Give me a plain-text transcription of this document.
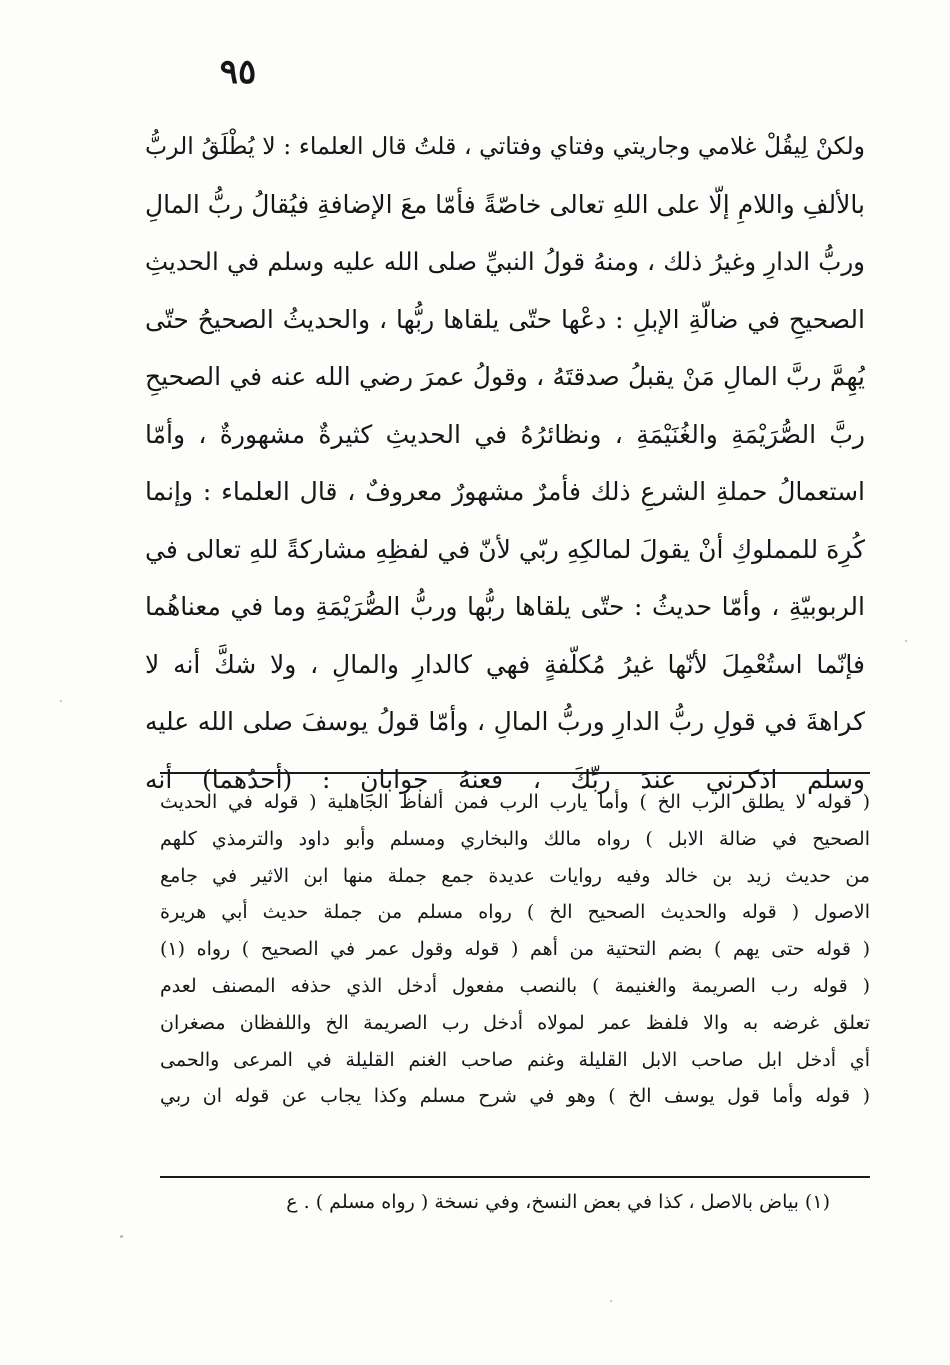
٩٥
ولكنْ لِيقُلْ غلامي وجاريتي وفتاي وفتاتي ، قلتُ قال العلماء : لا يُطْلَقُ الربُّ
بالألفِ واللامِ إلّا على اللهِ تعالى خاصّةً فأمّا معَ الإضافةِ فيُقالُ ربُّ المالِ
وربُّ الدارِ وغيرُ ذلك ، ومنهُ قولُ النبيِّ صلى الله عليه وسلم في الحديثِ
الصحيحِ في ضالّةِ الإبلِ : دعْها حتّى يلقاها ربُّها ، والحديثُ الصحيحُ حتّى
يُهِمَّ ربَّ المالِ مَنْ يقبلُ صدقتَهُ ، وقولُ عمرَ رضي الله عنه في الصحيحِ
ربَّ الصُّرَيْمَةِ والغُنَيْمَةِ ، ونظائرُهُ في الحديثِ كثيرةٌ مشهورةٌ ، وأمّا
استعمالُ حملةِ الشرعِ ذلك فأمرٌ مشهورٌ معروفٌ ، قال العلماء : وإنما
كُرِهَ للمملوكِ أنْ يقولَ لمالكِهِ ربّي لأنّ في لفظِهِ مشاركةً للهِ تعالى في
الربوبيّةِ ، وأمّا حديثُ : حتّى يلقاها ربُّها وربُّ الصُّرَيْمَةِ وما في معناهُما
فإنّما استُعْمِلَ لأنّها غيرُ مُكلّفةٍ فهي كالدارِ والمالِ ، ولا شكَّ أنه لا
كراهةَ في قولِ ربُّ الدارِ وربُّ المالِ ، وأمّا قولُ يوسفَ صلى الله عليه
وسلم اذكرني عندَ ربِّكَ ، فعنهُ جوابانِ : (أحدُهما) أنه
( قوله لا يطلق الرب الخ ) وأما يارب الرب فمن ألفاظ الجاهلية ( قوله في الحديث
الصحيح في ضالة الابل ) رواه مالك والبخاري ومسلم وأبو داود والترمذي كلهم
من حديث زيد بن خالد وفيه روايات عديدة جمع جملة منها ابن الاثير في جامع
الاصول ( قوله والحديث الصحيح الخ ) رواه مسلم من جملة حديث أبي هريرة
( قوله حتى يهم ) بضم التحتية من أهم ( قوله وقول عمر في الصحيح ) رواه (١)
( قوله رب الصريمة والغنيمة ) بالنصب مفعول أدخل الذي حذفه المصنف لعدم
تعلق غرضه به والا فلفظ عمر لمولاه أدخل رب الصريمة الخ واللفظان مصغران
أي أدخل ابل صاحب الابل القليلة وغنم صاحب الغنم القليلة في المرعى والحمى
( قوله وأما قول يوسف الخ ) وهو في شرح مسلم وكذا يجاب عن قوله ان ربي
(١) بياض بالاصل ، كذا في بعض النسخ، وفي نسخة ( رواه مسلم ) . ع
